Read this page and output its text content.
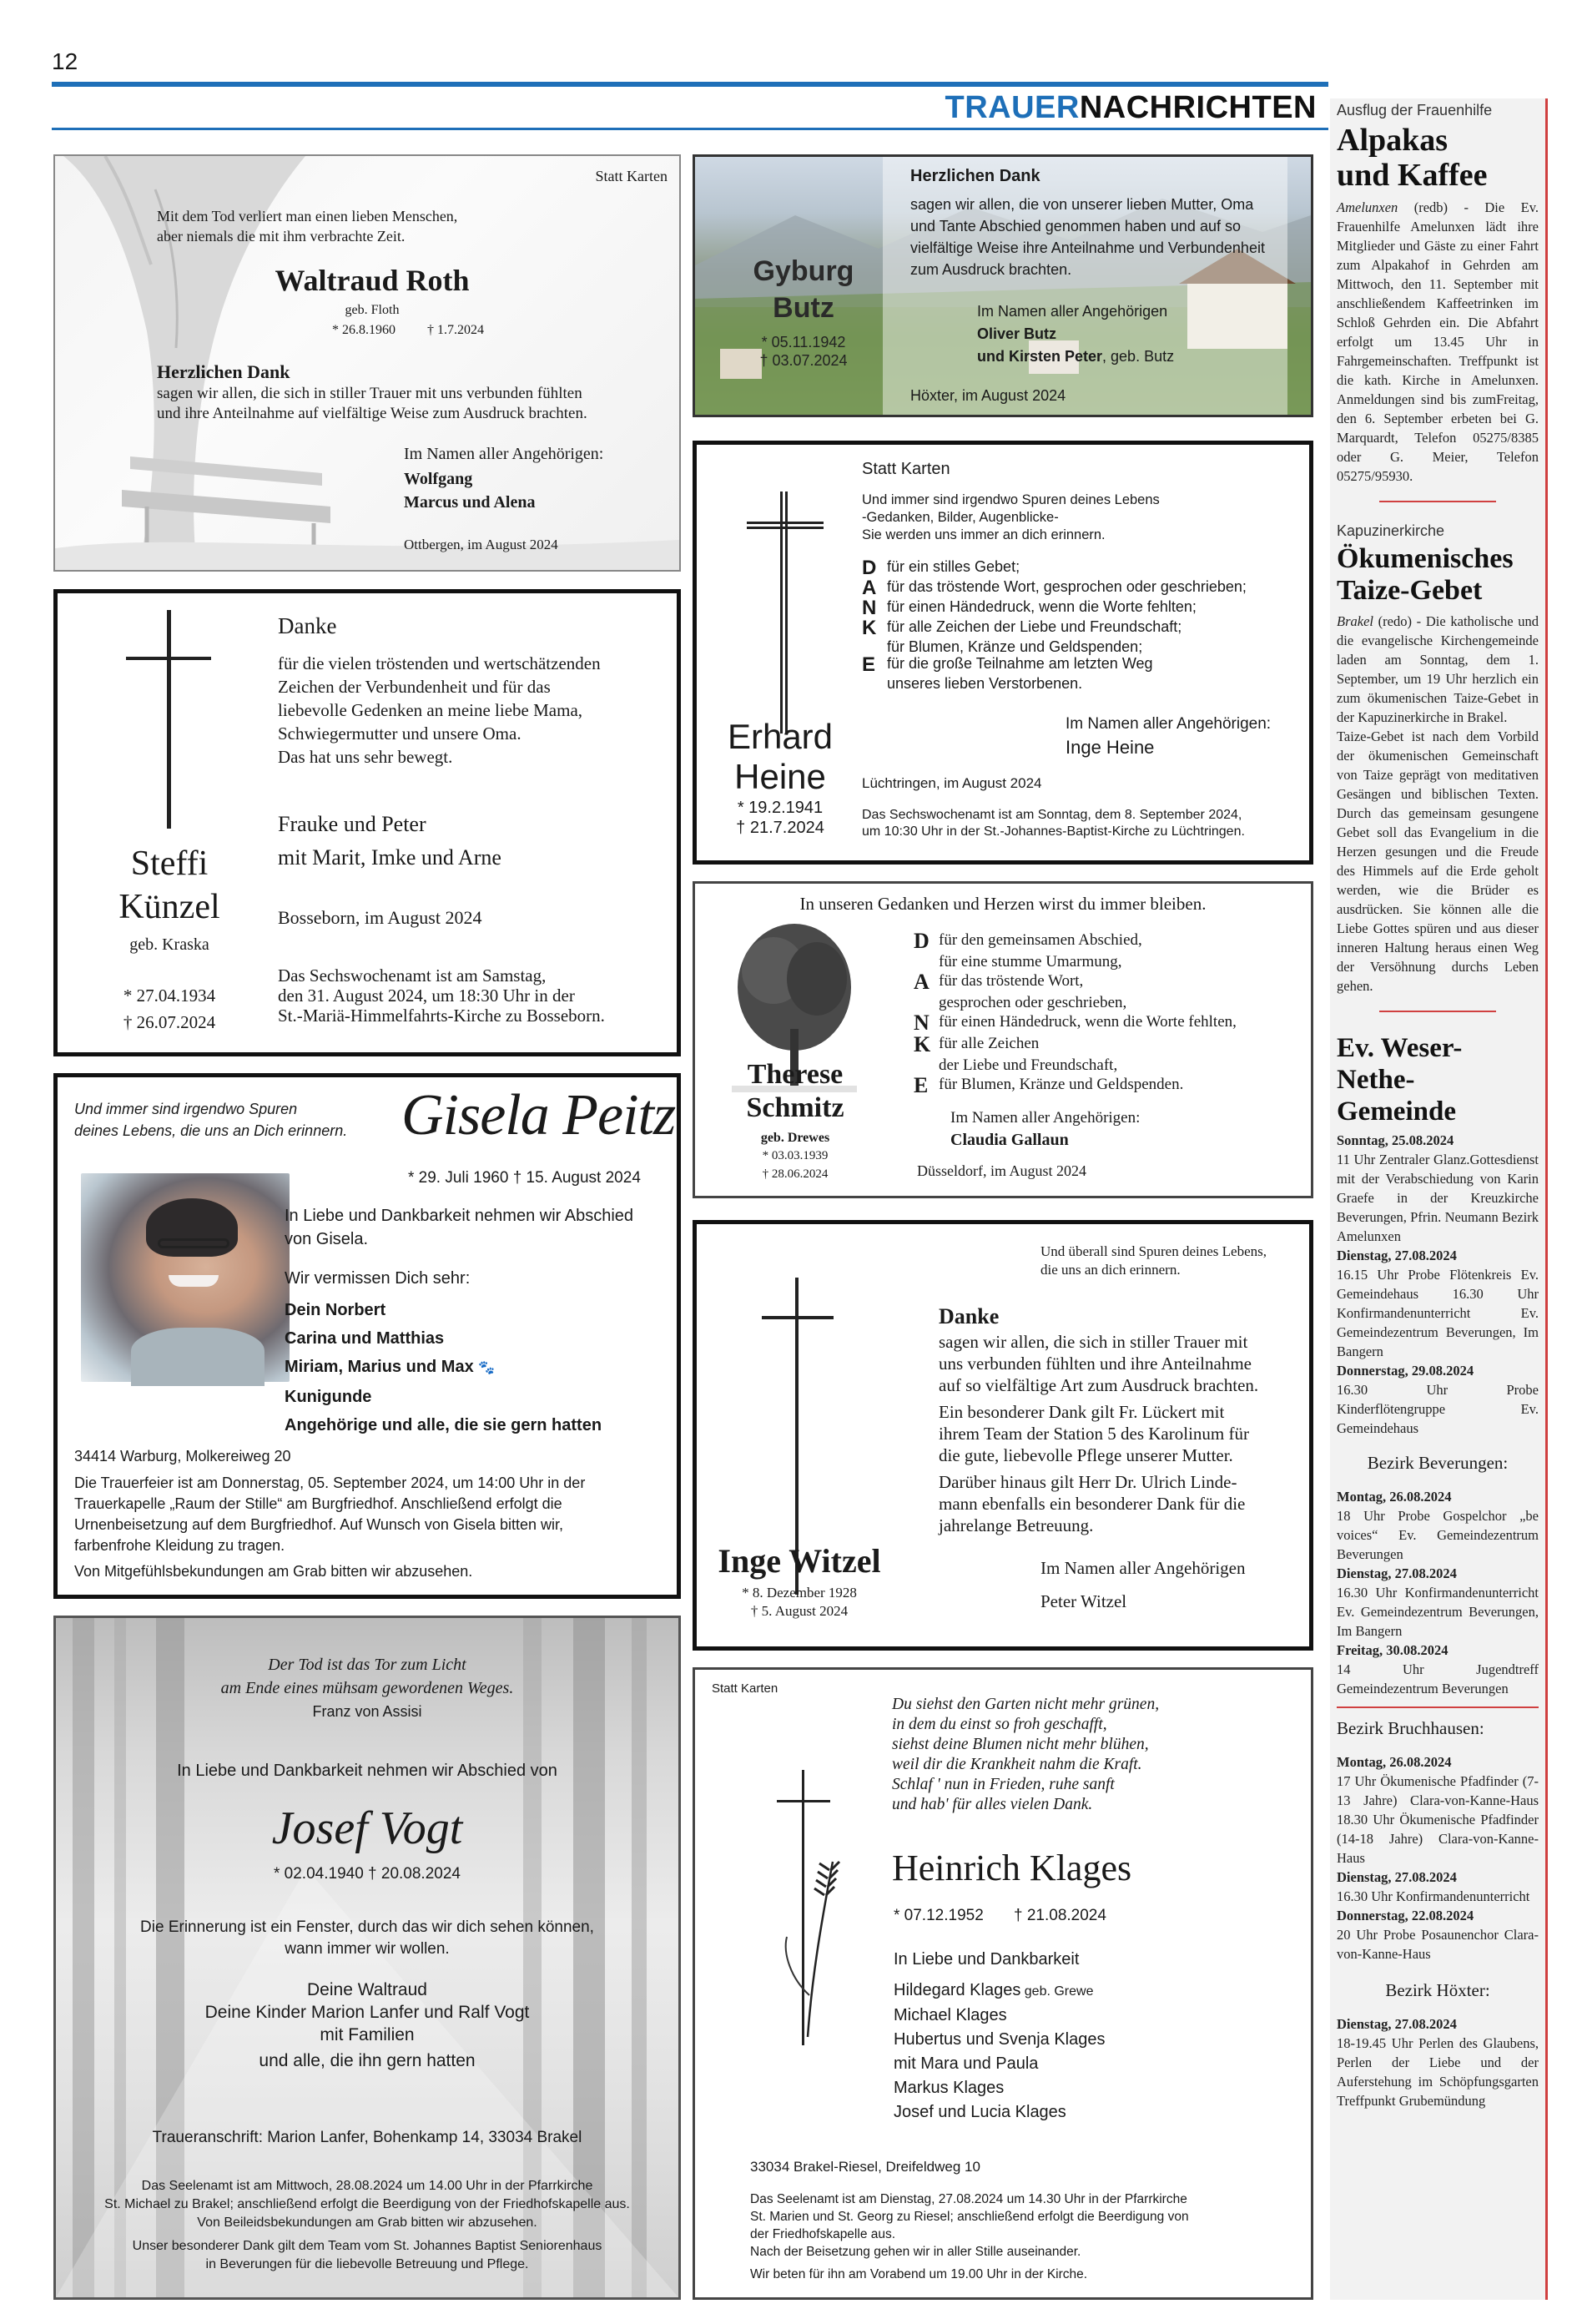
12
TRAUERNACHRICHTEN
Statt Karten
Mit dem Tod verliert man einen lieben Menschen,
aber niemals die mit ihm verbrachte Zeit.
Waltraud Roth
geb. Floth
* 26.8.1960 † 1.7.2024
Herzlichen Dank
sagen wir allen, die sich in stiller Trauer mit uns verbunden fühlten
und ihre Anteilnahme auf vielfältige Weise zum Ausdruck brachten.
Im Namen aller Angehörigen:
Wolfgang
Marcus und Alena
Ottbergen, im August 2024
Steffi
Künzel
geb. Kraska
* 27.04.1934
† 26.07.2024
Danke
für die vielen tröstenden und wertschätzenden
Zeichen der Verbundenheit und für das
liebevolle Gedenken an meine liebe Mama,
Schwiegermutter und unsere Oma.
Das hat uns sehr bewegt.
Frauke und Peter
mit Marit, Imke und Arne
Bosseborn, im August 2024
Das Sechswochenamt ist am Samstag,
den 31. August 2024, um 18:30 Uhr in der
St.-Mariä-Himmelfahrts-Kirche zu Bosseborn.
Und immer sind irgendwo Spuren
deines Lebens, die uns an Dich erinnern. Gisela Peitz
* 29. Juli 1960 † 15. August 2024
In Liebe und Dankbarkeit nehmen wir Abschied
von Gisela.
Wir vermissen Dich sehr:
Dein Norbert
Carina und Matthias
Miriam, Marius und Max 🐾
Kunigunde
Angehörige und alle, die sie gern hatten
34414 Warburg, Molkereiweg 20
Die Trauerfeier ist am Donnerstag, 05. September 2024, um 14:00 Uhr in der
Trauerkapelle „Raum der Stille“ am Burgfriedhof. Anschließend erfolgt die
Urnenbeisetzung auf dem Burgfriedhof. Auf Wunsch von Gisela bitten wir,
farbenfrohe Kleidung zu tragen.
Von Mitgefühlsbekundungen am Grab bitten wir abzusehen.
Der Tod ist das Tor zum Licht
am Ende eines mühsam gewordenen Weges.
Franz von Assisi
In Liebe und Dankbarkeit nehmen wir Abschied von
Josef Vogt
* 02.04.1940 † 20.08.2024
Die Erinnerung ist ein Fenster, durch das wir dich sehen können,
wann immer wir wollen.
Deine Waltraud
Deine Kinder Marion Lanfer und Ralf Vogt
mit Familien
und alle, die ihn gern hatten
Traueranschrift: Marion Lanfer, Bohenkamp 14, 33034 Brakel
Das Seelenamt ist am Mittwoch, 28.08.2024 um 14.00 Uhr in der Pfarrkirche
St. Michael zu Brakel; anschließend erfolgt die Beerdigung von der Friedhofskapelle aus.
Von Beileidsbekundungen am Grab bitten wir abzusehen.
Unser besonderer Dank gilt dem Team vom St. Johannes Baptist Seniorenhaus
in Beverungen für die liebevolle Betreuung und Pflege.
Gyburg
Butz
* 05.11.1942
† 03.07.2024
Herzlichen Dank
sagen wir allen, die von unserer lieben Mutter, Oma
und Tante Abschied genommen haben und auf so
vielfältige Weise ihre Anteilnahme und Verbundenheit
zum Ausdruck brachten.
Im Namen aller Angehörigen
Oliver Butz
und Kirsten Peter, geb. Butz
Höxter, im August 2024
Erhard
Heine
* 19.2.1941
† 21.7.2024
Statt Karten
Und immer sind irgendwo Spuren deines Lebens
-Gedanken, Bilder, Augenblicke-
Sie werden uns immer an dich erinnern.
D für ein stilles Gebet;
A für das tröstende Wort, gesprochen oder geschrieben;
N für einen Händedruck, wenn die Worte fehlten;
K für alle Zeichen der Liebe und Freundschaft;
für Blumen, Kränze und Geldspenden;
E für die große Teilnahme am letzten Weg
unseres lieben Verstorbenen.
Im Namen aller Angehörigen:
Inge Heine
Lüchtringen, im August 2024
Das Sechswochenamt ist am Sonntag, dem 8. September 2024,
um 10:30 Uhr in der St.-Johannes-Baptist-Kirche zu Lüchtringen.
In unseren Gedanken und Herzen wirst du immer bleiben.
Therese
Schmitz
geb. Drewes
* 03.03.1939
† 28.06.2024
D für den gemeinsamen Abschied,
für eine stumme Umarmung,
A für das tröstende Wort,
gesprochen oder geschrieben,
N für einen Händedruck, wenn die Worte fehlten,
K für alle Zeichen
der Liebe und Freundschaft,
E für Blumen, Kränze und Geldspenden.
Im Namen aller Angehörigen:
Claudia Gallaun
Düsseldorf, im August 2024
Inge Witzel
* 8. Dezember 1928
† 5. August 2024
Und überall sind Spuren deines Lebens,
die uns an dich erinnern.
Danke
sagen wir allen, die sich in stiller Trauer mit
uns verbunden fühlten und ihre Anteilnahme
auf so vielfältige Art zum Ausdruck brachten.
Ein besonderer Dank gilt Fr. Lückert mit
ihrem Team der Station 5 des Karolinum für
die gute, liebevolle Pflege unserer Mutter.
Darüber hinaus gilt Herr Dr. Ulrich Linde-
mann ebenfalls ein besonderer Dank für die
jahrelange Betreuung.
Im Namen aller Angehörigen
Peter Witzel
Statt Karten
Du siehst den Garten nicht mehr grünen,
in dem du einst so froh geschafft,
siehst deine Blumen nicht mehr blühen,
weil dir die Krankheit nahm die Kraft.
Schlaf ' nun in Frieden, ruhe sanft
und hab' für alles vielen Dank.
Heinrich Klages
* 07.12.1952 † 21.08.2024
In Liebe und Dankbarkeit
Hildegard Klages geb. Grewe
Michael Klages
Hubertus und Svenja Klages
mit Mara und Paula
Markus Klages
Josef und Lucia Klages
33034 Brakel-Riesel, Dreifeldweg 10
Das Seelenamt ist am Dienstag, 27.08.2024 um 14.30 Uhr in der Pfarrkirche
St. Marien und St. Georg zu Riesel; anschließend erfolgt die Beerdigung von
der Friedhofskapelle aus.
Nach der Beisetzung gehen wir in aller Stille auseinander.
Wir beten für ihn am Vorabend um 19.00 Uhr in der Kirche.
Ausflug der Frauenhilfe
Alpakas
und Kaffee
Amelunxen (redb) - Die Ev. Frauenhilfe Amelunxen lädt ihre Mitglieder und Gäste zu einer Fahrt zum Alpakahof in Gehrden am Mittwoch, den 11. September mit anschließendem Kaffeetrinken im Schloß Gehrden ein. Die Abfahrt erfolgt um 13.45 Uhr in Fahrgemeinschaften. Treffpunkt ist die kath. Kirche in Amelunxen. Anmeldungen sind bis zumFreitag, den 6. September erbeten bei G. Marquardt, Telefon 05275/8385 oder G. Meier, Telefon 05275/95930.
Kapuzinerkirche
Ökumenisches
Taize-Gebet
Brakel (redo) - Die katholische und die evangelische Kirchengemeinde laden am Sonntag, dem 1. September, um 19 Uhr herzlich ein zum ökumenischen Taize-Gebet in der Kapuzinerkirche in Brakel.
Taize-Gebet ist nach dem Vorbild der ökumenischen Gemeinschaft von Taize geprägt von meditativen Gesängen und biblischen Texten. Durch das gemeinsam gesungene Gebet soll das Evangelium in die Herzen gesungen und die Freude des Himmels auf die Erde geholt werden, wie die Brüder es ausdrücken. Sie können alle die Liebe Gottes spüren und aus dieser inneren Haltung heraus einen Weg der Versöhnung durchs Leben gehen.
Ev. Weser-
Nethe-
Gemeinde
Sonntag, 25.08.2024
11 Uhr Zentraler Glanz.Gottesdienst mit der Verabschiedung von Karin Graefe in der Kreuzkirche Beverungen, Pfrin. Neumann Bezirk Amelunxen
Dienstag, 27.08.2024
16.15 Uhr Probe Flötenkreis Ev. Gemeindehaus 16.30 Uhr Konfirmandenunterricht Ev. Gemeindezentrum Beverungen, Im Bangern
Donnerstag, 29.08.2024
16.30 Uhr Probe Kinderflötengruppe Ev. Gemeindehaus
Bezirk Beverungen:
Montag, 26.08.2024
18 Uhr Probe Gospelchor „be voices“ Ev. Gemeindezentrum Beverungen
Dienstag, 27.08.2024
16.30 Uhr Konfirmandenunterricht Ev. Gemeindezentrum Beverungen, Im Bangern
Freitag, 30.08.2024
14 Uhr Jugendtreff Gemeindezentrum Beverungen
Bezirk Bruchhausen:
Montag, 26.08.2024
17 Uhr Ökumenische Pfadfinder (7-13 Jahre) Clara-von-Kanne-Haus 18.30 Uhr Ökumenische Pfadfinder (14-18 Jahre) Clara-von-Kanne-Haus
Dienstag, 27.08.2024
16.30 Uhr Konfirmandenunterricht
Donnerstag, 22.08.2024
20 Uhr Probe Posaunenchor Clara-von-Kanne-Haus
Bezirk Höxter:
Dienstag, 27.08.2024
18-19.45 Uhr Perlen des Glaubens, Perlen der Liebe und der Auferstehung im Schöpfungsgarten Treffpunkt Grubemündung
